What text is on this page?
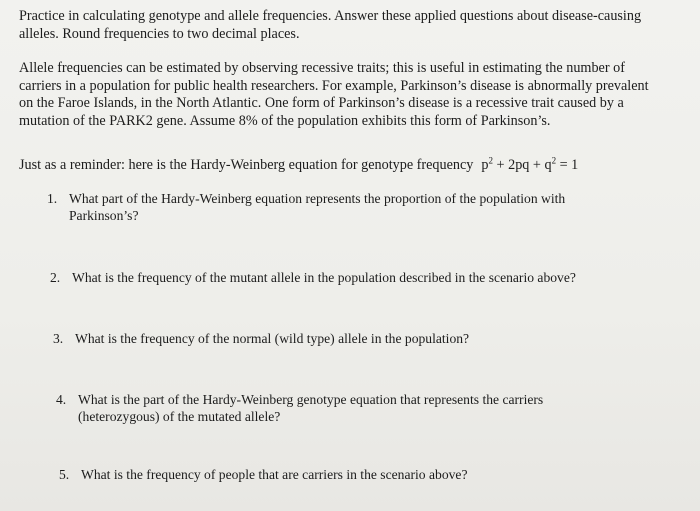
Practice in calculating genotype and allele frequencies. Answer these applied questions about disease-causing alleles. Round frequencies to two decimal places.

Allele frequencies can be estimated by observing recessive traits; this is useful in estimating the number of carriers in a population for public health researchers. For example, Parkinson’s disease is abnormally prevalent on the Faroe Islands, in the North Atlantic. One form of Parkinson’s disease is a recessive trait caused by a mutation of the PARK2 gene. Assume 8% of the population exhibits this form of Parkinson’s.

Just as a reminder: here is the Hardy-Weinberg equation for genotype frequency $p^2 + 2pq + q^2 = 1$

1. What part of the Hardy-Weinberg equation represents the proportion of the population with Parkinson’s?

2. What is the frequency of the mutant allele in the population described in the scenario above?

3. What is the frequency of the normal (wild type) allele in the population?

4. What is the part of the Hardy-Weinberg genotype equation that represents the carriers (heterozygous) of the mutated allele?

5. What is the frequency of people that are carriers in the scenario above?
